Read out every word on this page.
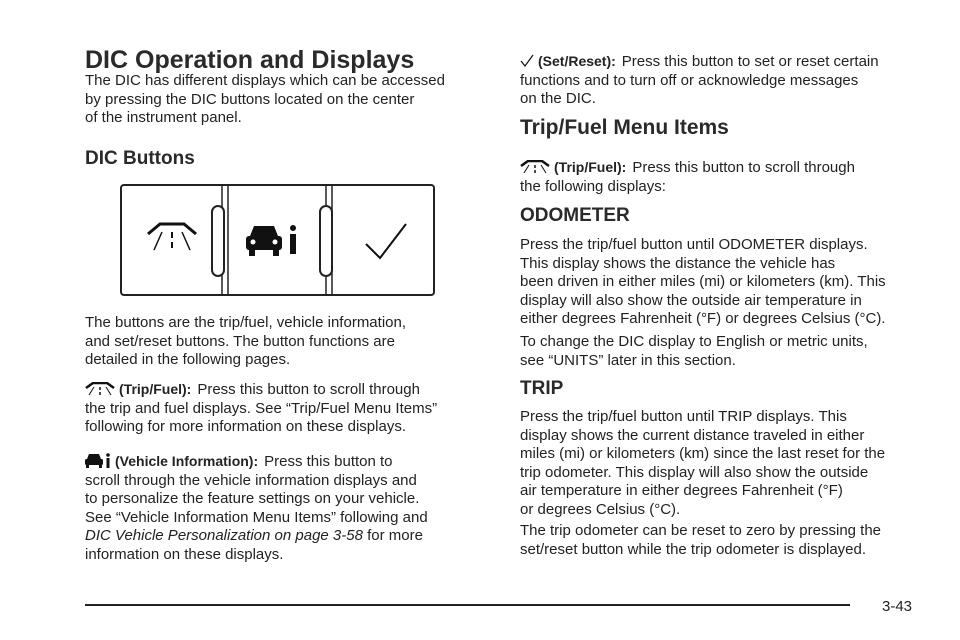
DIC Operation and Displays
The DIC has different displays which can be accessed
by pressing the DIC buttons located on the center
of the instrument panel.
DIC Buttons
The buttons are the trip/fuel, vehicle information,
and set/reset buttons. The button functions are
detailed in the following pages.
(Trip/Fuel): Press this button to scroll through
the trip and fuel displays. See “Trip/Fuel Menu Items”
following for more information on these displays.
(Vehicle Information): Press this button to
scroll through the vehicle information displays and
to personalize the feature settings on your vehicle.
See “Vehicle Information Menu Items” following and
DIC Vehicle Personalization on page 3-58 for more
information on these displays.
(Set/Reset): Press this button to set or reset certain
functions and to turn off or acknowledge messages
on the DIC.
Trip/Fuel Menu Items
(Trip/Fuel): Press this button to scroll through
the following displays:
ODOMETER
Press the trip/fuel button until ODOMETER displays.
This display shows the distance the vehicle has
been driven in either miles (mi) or kilometers (km). This
display will also show the outside air temperature in
either degrees Fahrenheit (°F) or degrees Celsius (°C).
To change the DIC display to English or metric units,
see “UNITS” later in this section.
TRIP
Press the trip/fuel button until TRIP displays. This
display shows the current distance traveled in either
miles (mi) or kilometers (km) since the last reset for the
trip odometer. This display will also show the outside
air temperature in either degrees Fahrenheit (°F)
or degrees Celsius (°C).
The trip odometer can be reset to zero by pressing the
set/reset button while the trip odometer is displayed.
3-43
